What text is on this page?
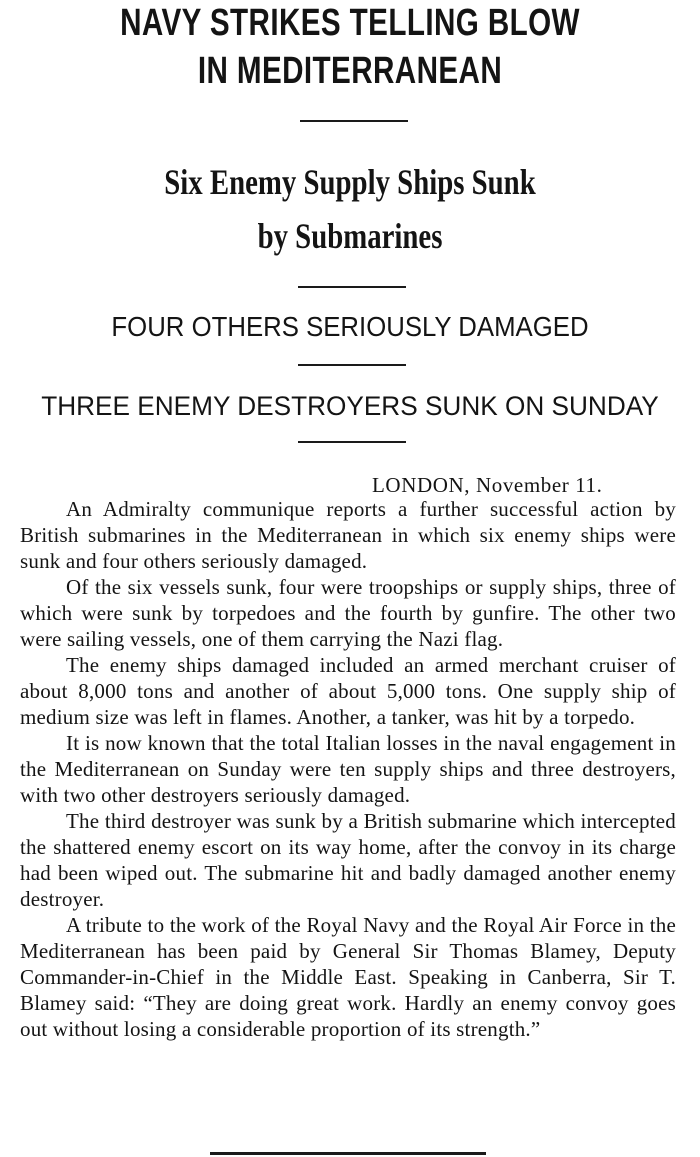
NAVY STRIKES TELLING BLOW
IN MEDITERRANEAN
Six Enemy Supply Ships Sunk
by Submarines
FOUR OTHERS SERIOUSLY DAMAGED
THREE ENEMY DESTROYERS SUNK ON SUNDAY
LONDON, November 11.

An Admiralty communique reports a further successful action by British submarines in the Mediterranean in which six enemy ships were sunk and four others seriously damaged.

Of the six vessels sunk, four were troopships or supply ships, three of which were sunk by torpedoes and the fourth by gunfire. The other two were sailing vessels, one of them carrying the Nazi flag.

The enemy ships damaged included an armed merchant cruiser of about 8,000 tons and another of about 5,000 tons. One supply ship of medium size was left in flames. Another, a tanker, was hit by a torpedo.

It is now known that the total Italian losses in the naval engagement in the Mediterranean on Sunday were ten supply ships and three destroyers, with two other destroyers seriously damaged.

The third destroyer was sunk by a British submarine which intercepted the shattered enemy escort on its way home, after the convoy in its charge had been wiped out. The submarine hit and badly damaged another enemy destroyer.

A tribute to the work of the Royal Navy and the Royal Air Force in the Mediterranean has been paid by General Sir Thomas Blamey, Deputy Commander-in-Chief in the Middle East. Speaking in Canberra, Sir T. Blamey said: “They are doing great work. Hardly an enemy convoy goes out without losing a considerable proportion of its strength.”
